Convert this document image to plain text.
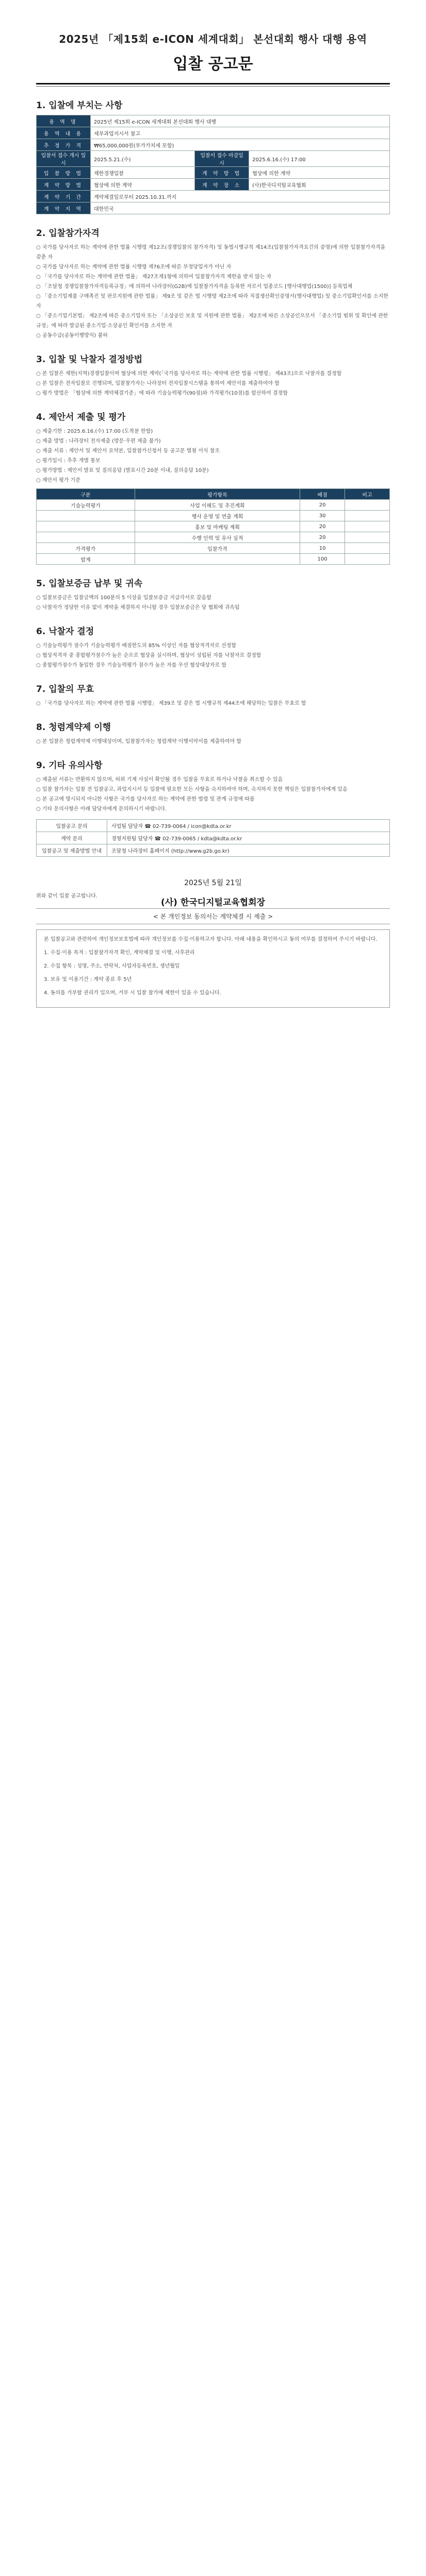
2025년 「제15회 e-ICON 세계대회」 본선대회 행사 대행 용역
입찰 공고문
1. 입찰에 부치는 사항
용 역 명	2025년 제15회 e-ICON 세계대회 본선대회 행사 대행		
용 역 내 용	세부과업지시서 참고		
추 정 가 격	₩65,000,000원(부가가치세 포함)		
입찰서 접수 개시 일시	2025.5.21.(수)	입찰서 접수 마감일시	2025.6.16.(수) 17:00
입 찰 방 법	제한경쟁입찰	계 약 방 법	협상에 의한 계약
계 약 방 법	협상에 의한 계약	계 약 장 소	(사)한국디지털교육협회
계 약 기 간	계약체결일로부터 2025.10.31.까지		
계 약 지 역	대한민국		
2. 입찰참가자격

○ 국가를 당사자로 하는 계약에 관한 법률 시행령 제12조(경쟁입찰의 참가자격) 및 동법시행규칙 제14조(입찰참가자격요건의 증명)에 의한 입찰참가자격을 갖춘 자

○ 국가를 당사자로 하는 계약에 관한 법률 시행령 제76조에 따른 부정당업자가 아닌 자

○ 「국가를 당사자로 하는 계약에 관한 법률」 제27조제1항에 의하여 입찰참가자격 제한을 받지 않는 자

○ 「조달청 경쟁입찰참가자격등록규정」에 의하여 나라장터(G2B)에 입찰참가자격을 등록한 자로서 업종코드 [행사대행업(1500)] 등록업체

○ 「중소기업제품 구매촉진 및 판로지원에 관한 법률」 제9조 및 같은 법 시행령 제2조에 따라 직접생산확인증명서(행사대행업) 및 중소기업확인서를 소지한 자

○ 「중소기업기본법」 제2조에 따른 중소기업자 또는 「소상공인 보호 및 지원에 관한 법률」 제2조에 따른 소상공인으로서 「중소기업 범위 및 확인에 관한 규정」에 따라 발급된 중소기업·소상공인 확인서를 소지한 자

○ 공동수급(공동이행방식) 불허

3. 입찰 및 낙찰자 결정방법

○ 본 입찰은 제한(지역)경쟁입찰이며 협상에 의한 계약(「국가를 당사자로 하는 계약에 관한 법률 시행령」 제43조)으로 낙찰자를 결정함

○ 본 입찰은 전자입찰로 진행되며, 입찰참가자는 나라장터 전자입찰시스템을 통하여 제안서를 제출하여야 함

○ 평가 방법은 「협상에 의한 계약체결기준」에 따라 기술능력평가(90점)와 가격평가(10점)를 합산하여 결정함

4. 제안서 제출 및 평가

○ 제출기한 : 2025.6.16.(수) 17:00 (도착분 한함)

○ 제출 방법 : 나라장터 전자제출 (방문·우편 제출 불가)

○ 제출 서류 : 제안서 및 제안서 요약본, 입찰참가신청서 등 공고문 별첨 서식 참조

○ 평가일시 : 추후 개별 통보

○ 평가방법 : 제안서 발표 및 질의응답 (발표시간 20분 이내, 질의응답 10분)

○ 제안서 평가 기준

구분	평가항목	배점	비고
기술능력평가	사업 이해도 및 추진계획	20	
	행사 운영 및 연출 계획	30	
	홍보 및 마케팅 계획	20	
	수행 인력 및 유사 실적	20	
가격평가	입찰가격	10	
합계		100	
5. 입찰보증금 납부 및 귀속

○ 입찰보증금은 입찰금액의 100분의 5 이상을 입찰보증금 지급각서로 갈음함

○ 낙찰자가 정당한 이유 없이 계약을 체결하지 아니할 경우 입찰보증금은 당 협회에 귀속됨

6. 낙찰자 결정

○ 기술능력평가 점수가 기술능력평가 배점한도의 85% 이상인 자를 협상적격자로 선정함

○ 협상적격자 중 종합평가점수가 높은 순으로 협상을 실시하며, 협상이 성립된 자를 낙찰자로 결정함

○ 종합평가점수가 동일한 경우 기술능력평가 점수가 높은 자를 우선 협상대상자로 함

7. 입찰의 무효

○ 「국가를 당사자로 하는 계약에 관한 법률 시행령」 제39조 및 같은 법 시행규칙 제44조에 해당하는 입찰은 무효로 함

8. 청렴계약제 이행

○ 본 입찰은 청렴계약제 이행대상이며, 입찰참가자는 청렴계약 이행서약서를 제출하여야 함

9. 기타 유의사항

○ 제출된 서류는 반환하지 않으며, 허위 기재 사실이 확인될 경우 입찰을 무효로 하거나 낙찰을 취소할 수 있음

○ 입찰 참가자는 입찰 전 입찰공고, 과업지시서 등 입찰에 필요한 모든 사항을 숙지하여야 하며, 숙지하지 못한 책임은 입찰참가자에게 있음

○ 본 공고에 명시되지 아니한 사항은 국가를 당사자로 하는 계약에 관한 법령 및 관계 규정에 따름

○ 기타 문의사항은 아래 담당자에게 문의하시기 바랍니다.

입찰공고 문의	사업팀 담당자 ☎ 02-739-0064 / icon@kdta.or.kr
계약 문의	경영지원팀 담당자 ☎ 02-739-0065 / kdta@kdta.or.kr
입찰공고 및 제출방법 안내	조달청 나라장터 홈페이지 (http://www.g2b.go.kr)
2025년 5월 21일
(사) 한국디지털교육협회장
위와 같이 입찰 공고합니다.
< 본 개인정보 동의서는 계약체결 시 제출 >

본 입찰공고와 관련하여 개인정보보호법에 따라 개인정보를 수집·이용하고자 합니다. 아래 내용을 확인하시고 동의 여부를 결정하여 주시기 바랍니다.

1. 수집·이용 목적 : 입찰참가자격 확인, 계약체결 및 이행, 사후관리

2. 수집 항목 : 성명, 주소, 연락처, 사업자등록번호, 생년월일

3. 보유 및 이용기간 : 계약 종료 후 5년

4. 동의를 거부할 권리가 있으며, 거부 시 입찰 참가에 제한이 있을 수 있습니다.
